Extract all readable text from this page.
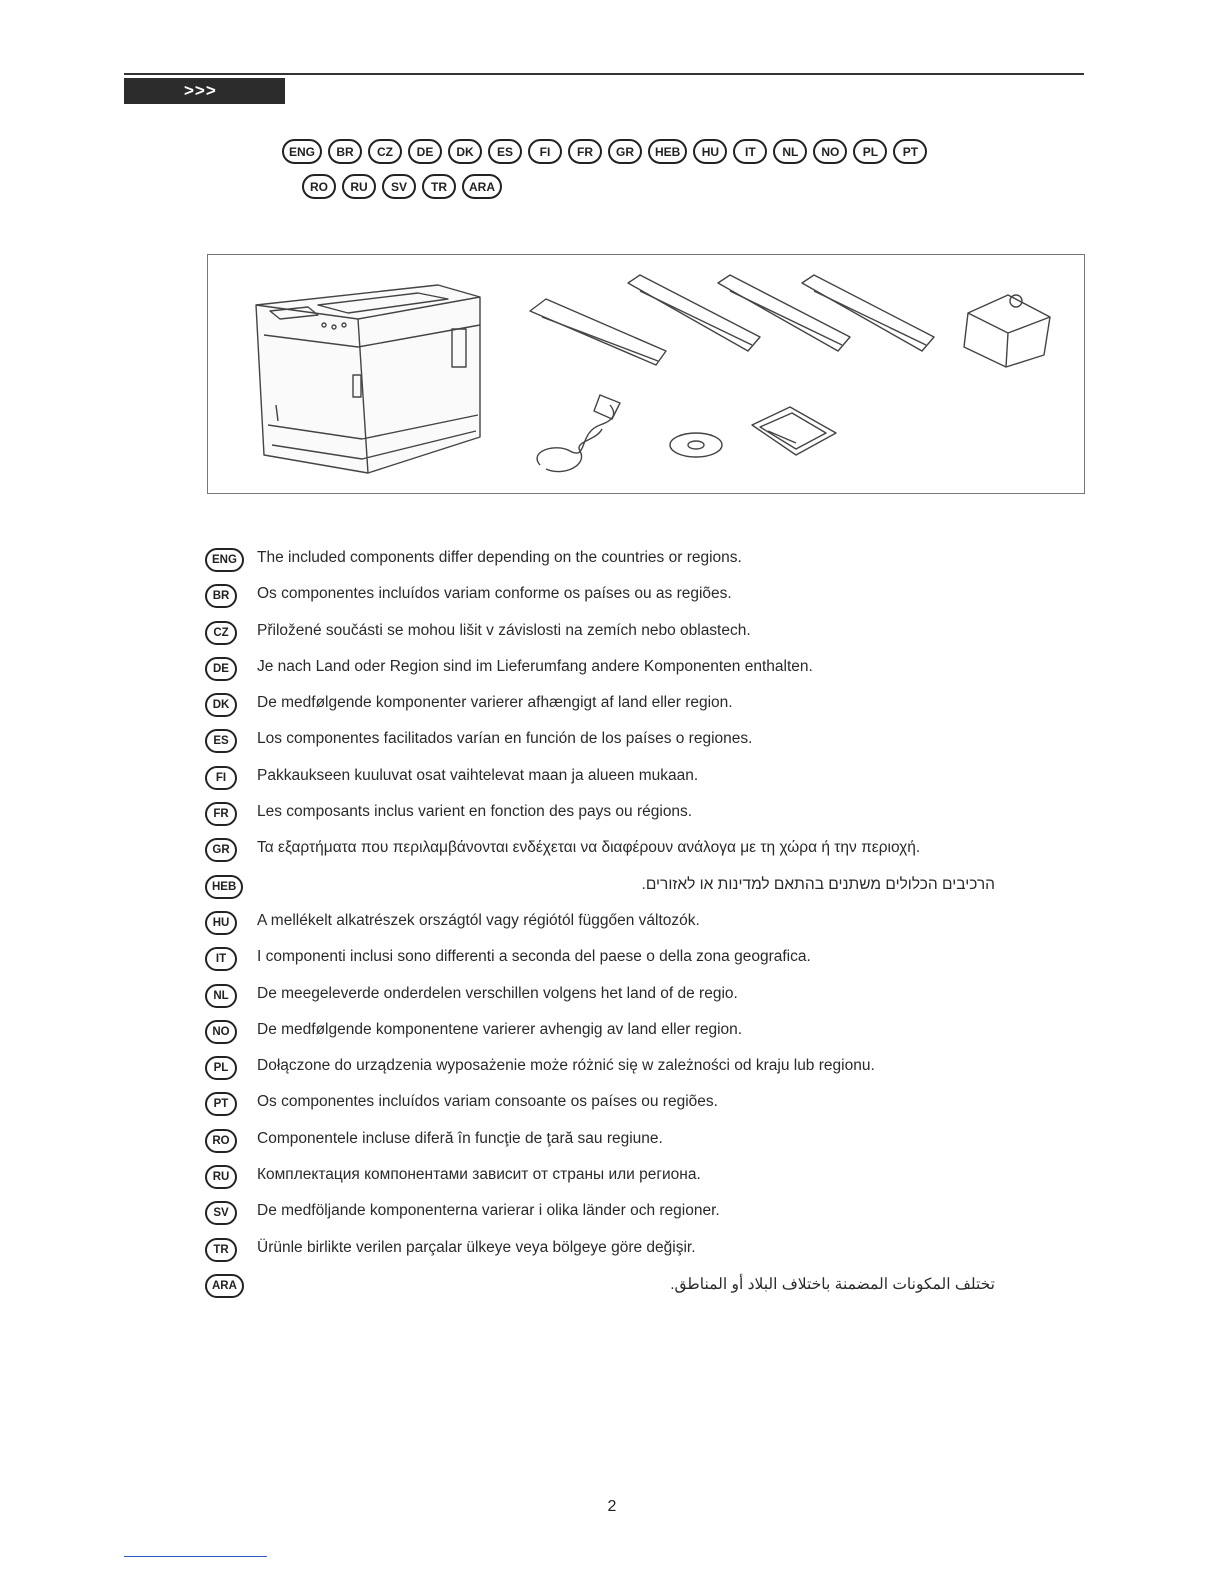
>>>
ENG	BR	CZ	DE	DK	ES	FI	FR	GR	HEB	HU	IT	NL	NO	PL	PT
RO	RU	SV	TR	ARA
ENG	The included components differ depending on the countries or regions.
BR	Os componentes incluídos variam conforme os países ou as regiões.
CZ	Přiložené součásti se mohou lišit v závislosti na zemích nebo oblastech.
DE	Je nach Land oder Region sind im Lieferumfang andere Komponenten enthalten.
DK	De medfølgende komponenter varierer afhængigt af land eller region.
ES	Los componentes facilitados varían en función de los países o regiones.
FI	Pakkaukseen kuuluvat osat vaihtelevat maan ja alueen mukaan.
FR	Les composants inclus varient en fonction des pays ou régions.
GR	Τα εξαρτήματα που περιλαμβάνονται ενδέχεται να διαφέρουν ανάλογα με τη χώρα ή την περιοχή.
HEB	הרכיבים הכלולים משתנים בהתאם למדינות או לאזורים.
HU	A mellékelt alkatrészek országtól vagy régiótól függően változók.
IT	I componenti inclusi sono differenti a seconda del paese o della zona geografica.
NL	De meegeleverde onderdelen verschillen volgens het land of de regio.
NO	De medfølgende komponentene varierer avhengig av land eller region.
PL	Dołączone do urządzenia wyposażenie może różnić się w zależności od kraju lub regionu.
PT	Os componentes incluídos variam consoante os países ou regiões.
RO	Componentele incluse diferă în funcţie de ţară sau regiune.
RU	Комплектация компонентами зависит от страны или региона.
SV	De medföljande komponenterna varierar i olika länder och regioner.
TR	Ürünle birlikte verilen parçalar ülkeye veya bölgeye göre değişir.
ARA	تختلف المكونات المضمنة باختلاف البلاد أو المناطق.
2
